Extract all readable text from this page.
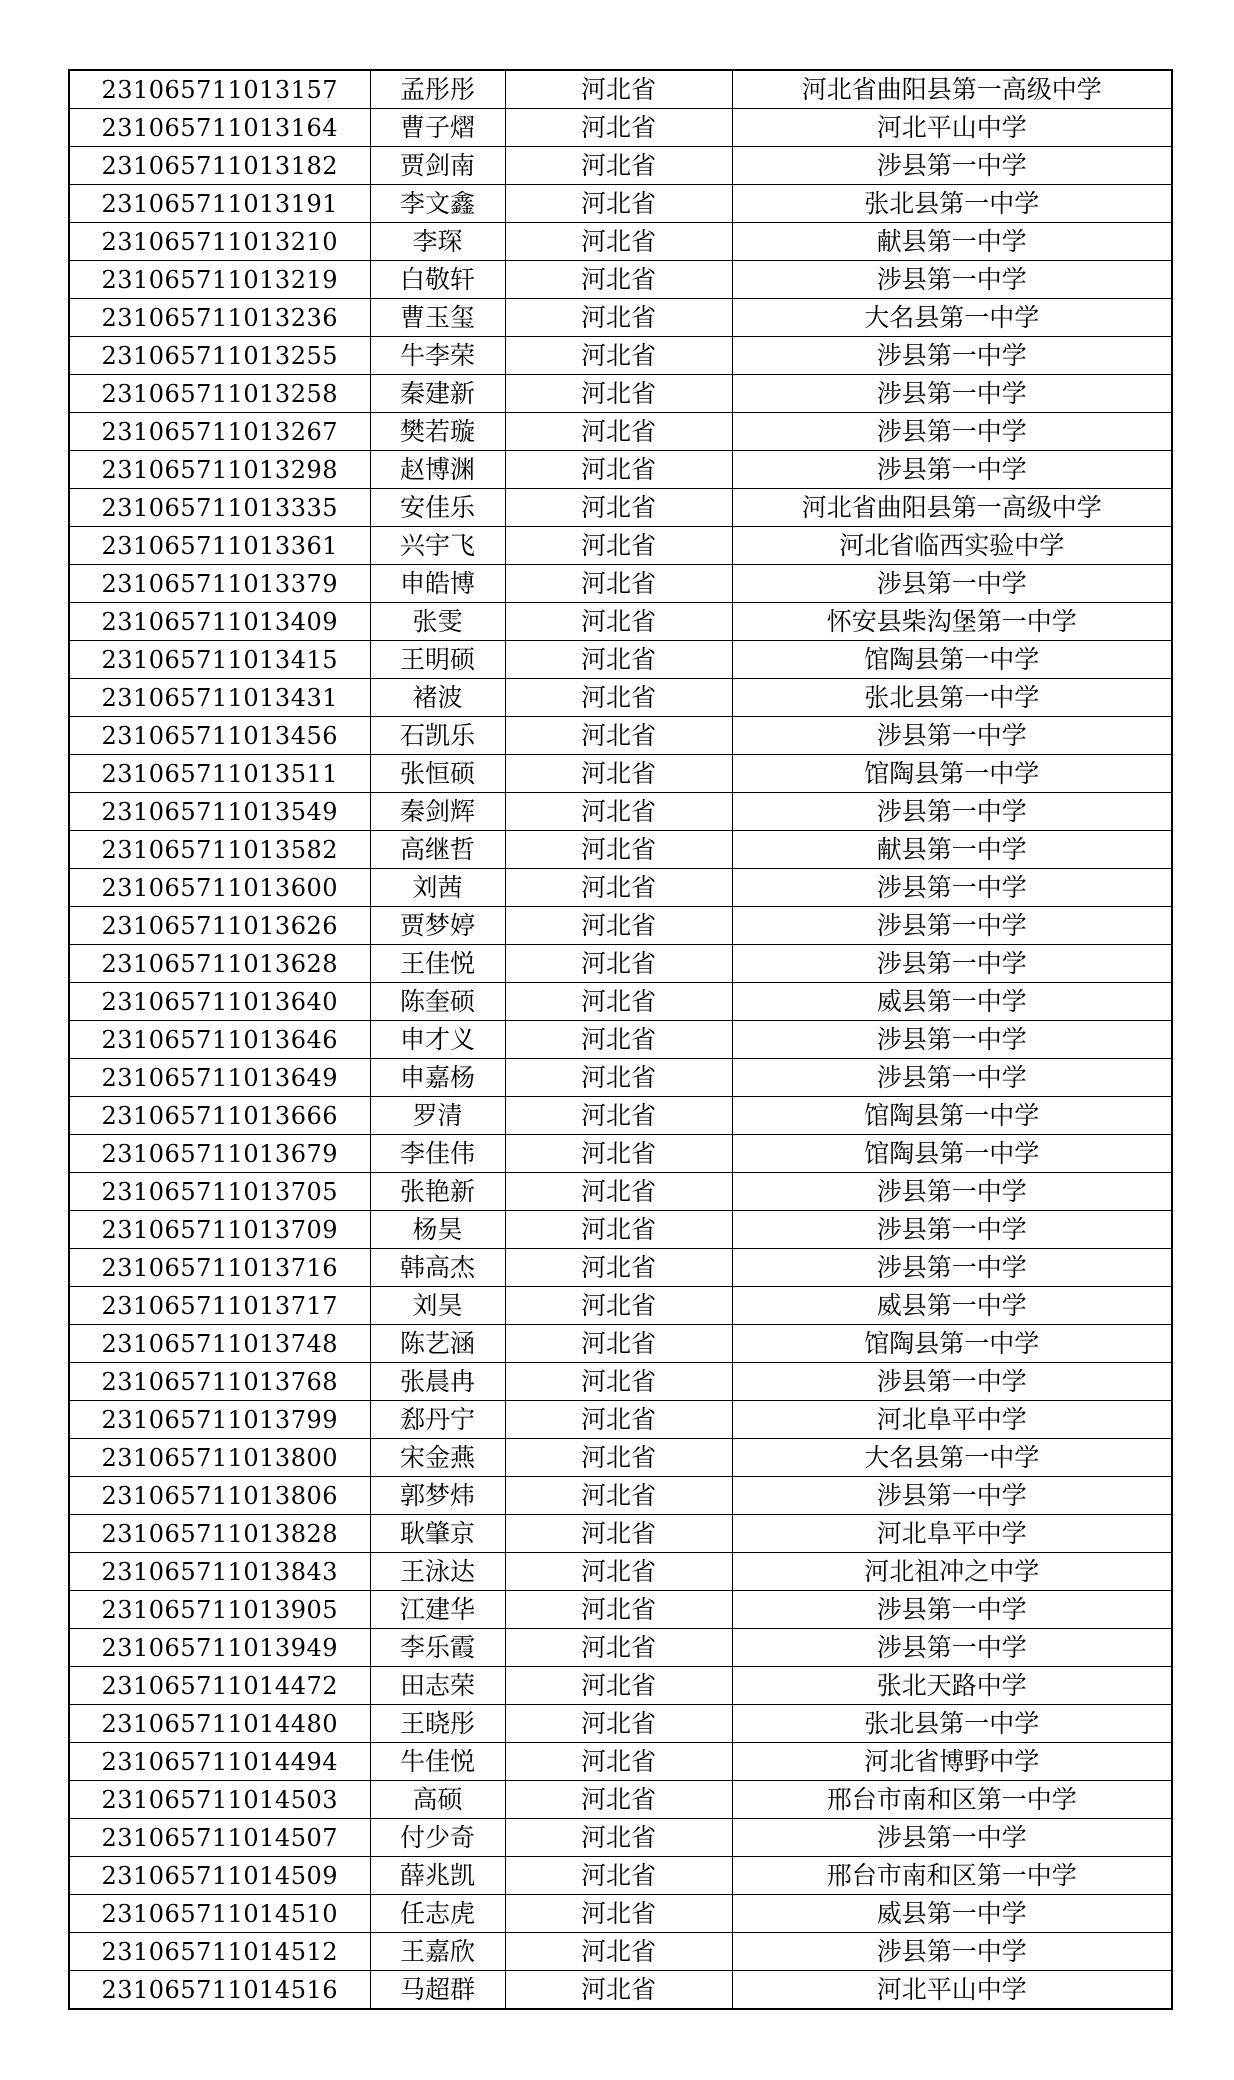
231065711013157	孟彤彤	河北省	河北省曲阳县第一高级中学
231065711013164	曹子熠	河北省	河北平山中学
231065711013182	贾剑南	河北省	涉县第一中学
231065711013191	李文鑫	河北省	张北县第一中学
231065711013210	李琛	河北省	献县第一中学
231065711013219	白敬轩	河北省	涉县第一中学
231065711013236	曹玉玺	河北省	大名县第一中学
231065711013255	牛李荣	河北省	涉县第一中学
231065711013258	秦建新	河北省	涉县第一中学
231065711013267	樊若璇	河北省	涉县第一中学
231065711013298	赵博渊	河北省	涉县第一中学
231065711013335	安佳乐	河北省	河北省曲阳县第一高级中学
231065711013361	兴宇飞	河北省	河北省临西实验中学
231065711013379	申皓博	河北省	涉县第一中学
231065711013409	张雯	河北省	怀安县柴沟堡第一中学
231065711013415	王明硕	河北省	馆陶县第一中学
231065711013431	褚波	河北省	张北县第一中学
231065711013456	石凯乐	河北省	涉县第一中学
231065711013511	张恒硕	河北省	馆陶县第一中学
231065711013549	秦剑辉	河北省	涉县第一中学
231065711013582	高继哲	河北省	献县第一中学
231065711013600	刘茜	河北省	涉县第一中学
231065711013626	贾梦婷	河北省	涉县第一中学
231065711013628	王佳悦	河北省	涉县第一中学
231065711013640	陈奎硕	河北省	威县第一中学
231065711013646	申才义	河北省	涉县第一中学
231065711013649	申嘉杨	河北省	涉县第一中学
231065711013666	罗清	河北省	馆陶县第一中学
231065711013679	李佳伟	河北省	馆陶县第一中学
231065711013705	张艳新	河北省	涉县第一中学
231065711013709	杨昊	河北省	涉县第一中学
231065711013716	韩高杰	河北省	涉县第一中学
231065711013717	刘昊	河北省	威县第一中学
231065711013748	陈艺涵	河北省	馆陶县第一中学
231065711013768	张晨冉	河北省	涉县第一中学
231065711013799	郄丹宁	河北省	河北阜平中学
231065711013800	宋金燕	河北省	大名县第一中学
231065711013806	郭梦炜	河北省	涉县第一中学
231065711013828	耿肇京	河北省	河北阜平中学
231065711013843	王泳达	河北省	河北祖冲之中学
231065711013905	江建华	河北省	涉县第一中学
231065711013949	李乐霞	河北省	涉县第一中学
231065711014472	田志荣	河北省	张北天路中学
231065711014480	王晓彤	河北省	张北县第一中学
231065711014494	牛佳悦	河北省	河北省博野中学
231065711014503	高硕	河北省	邢台市南和区第一中学
231065711014507	付少奇	河北省	涉县第一中学
231065711014509	薛兆凯	河北省	邢台市南和区第一中学
231065711014510	任志虎	河北省	威县第一中学
231065711014512	王嘉欣	河北省	涉县第一中学
231065711014516	马超群	河北省	河北平山中学
